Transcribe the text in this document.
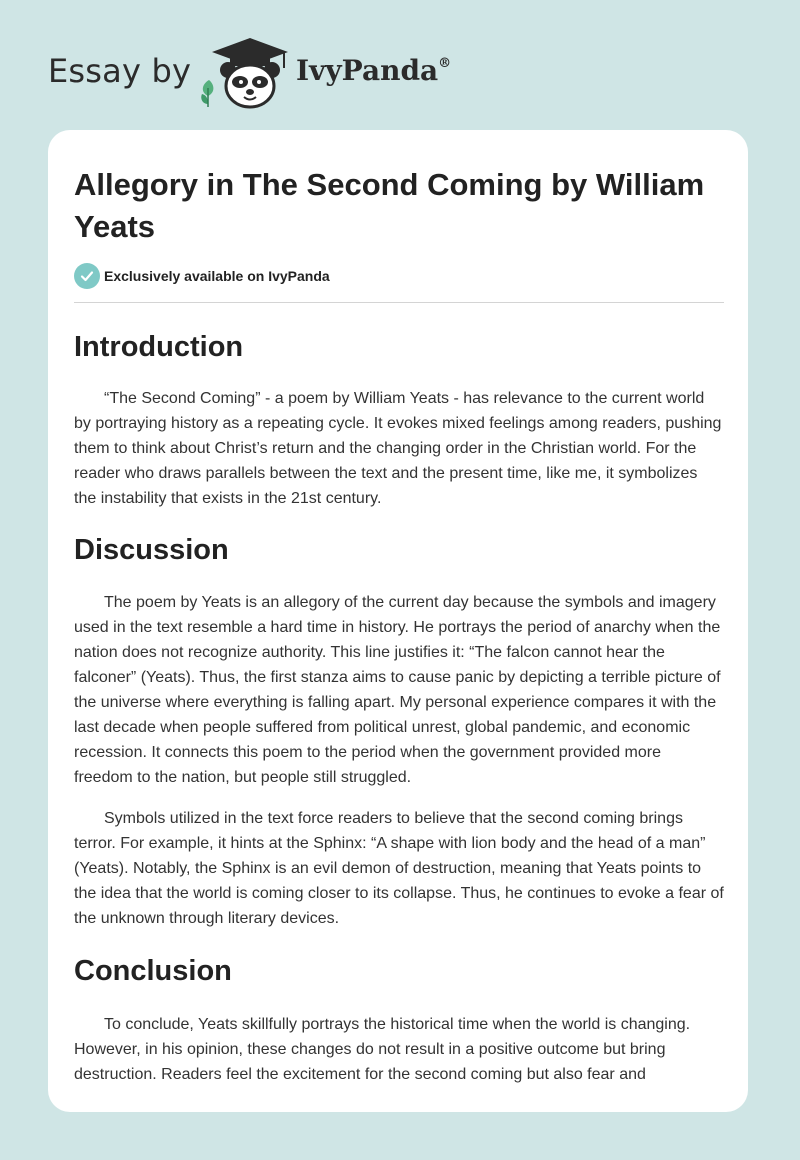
Essay by	IvyPanda®
Allegory in The Second Coming by William Yeats
Exclusively available on IvyPanda
Introduction

“The Second Coming” - a poem by William Yeats - has relevance to the current world by portraying history as a repeating cycle. It evokes mixed feelings among readers, pushing them to think about Christ’s return and the changing order in the Christian world. For the reader who draws parallels between the text and the present time, like me, it symbolizes the instability that exists in the 21st century.

Discussion

The poem by Yeats is an allegory of the current day because the symbols and imagery used in the text resemble a hard time in history. He portrays the period of anarchy when the nation does not recognize authority. This line justifies it: “The falcon cannot hear the falconer” (Yeats). Thus, the first stanza aims to cause panic by depicting a terrible picture of the universe where everything is falling apart. My personal experience compares it with the last decade when people suffered from political unrest, global pandemic, and economic recession. It connects this poem to the period when the government provided more freedom to the nation, but people still struggled.

Symbols utilized in the text force readers to believe that the second coming brings terror. For example, it hints at the Sphinx: “A shape with lion body and the head of a man” (Yeats). Notably, the Sphinx is an evil demon of destruction, meaning that Yeats points to the idea that the world is coming closer to its collapse. Thus, he continues to evoke a fear of the unknown through literary devices.

Conclusion

To conclude, Yeats skillfully portrays the historical time when the world is changing. However, in his opinion, these changes do not result in a positive outcome but bring destruction. Readers feel the excitement for the second coming but also fear and
